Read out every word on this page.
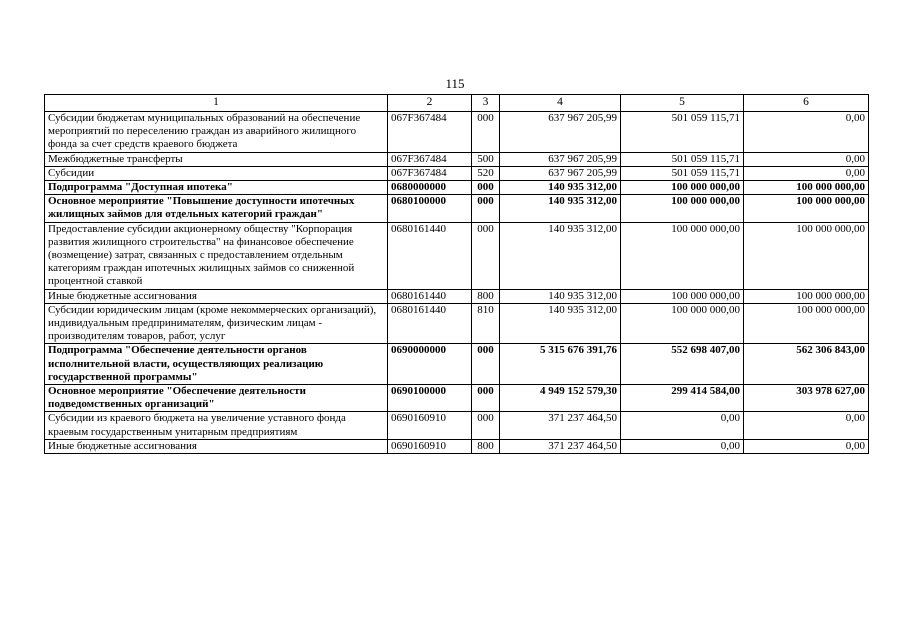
115
1	2	3	4	5	6
Субсидии бюджетам муниципальных образований на обеспечение мероприятий по переселению граждан из аварийного жилищного фонда за счет средств краевого бюджета	067F367484	000	637 967 205,99	501 059 115,71	0,00
Межбюджетные трансферты	067F367484	500	637 967 205,99	501 059 115,71	0,00
Субсидии	067F367484	520	637 967 205,99	501 059 115,71	0,00
Подпрограмма "Доступная ипотека"	0680000000	000	140 935 312,00	100 000 000,00	100 000 000,00
Основное мероприятие "Повышение доступности ипотечных жилищных займов для отдельных категорий граждан"	0680100000	000	140 935 312,00	100 000 000,00	100 000 000,00
Предоставление субсидии акционерному обществу "Корпорация развития жилищного строительства" на финансовое обеспечение (возмещение) затрат, связанных с предоставлением отдельным категориям граждан ипотечных жилищных займов со сниженной процентной ставкой	0680161440	000	140 935 312,00	100 000 000,00	100 000 000,00
Иные бюджетные ассигнования	0680161440	800	140 935 312,00	100 000 000,00	100 000 000,00
Субсидии юридическим лицам (кроме некоммерческих организаций), индивидуальным предпринимателям, физическим лицам - производителям товаров, работ, услуг	0680161440	810	140 935 312,00	100 000 000,00	100 000 000,00
Подпрограмма "Обеспечение деятельности органов исполнительной власти, осуществляющих реализацию государственной программы"	0690000000	000	5 315 676 391,76	552 698 407,00	562 306 843,00
Основное мероприятие "Обеспечение деятельности подведомственных организаций"	0690100000	000	4 949 152 579,30	299 414 584,00	303 978 627,00
Субсидии из краевого бюджета на увеличение уставного фонда краевым государственным унитарным предприятиям	0690160910	000	371 237 464,50	0,00	0,00
Иные бюджетные ассигнования	0690160910	800	371 237 464,50	0,00	0,00
